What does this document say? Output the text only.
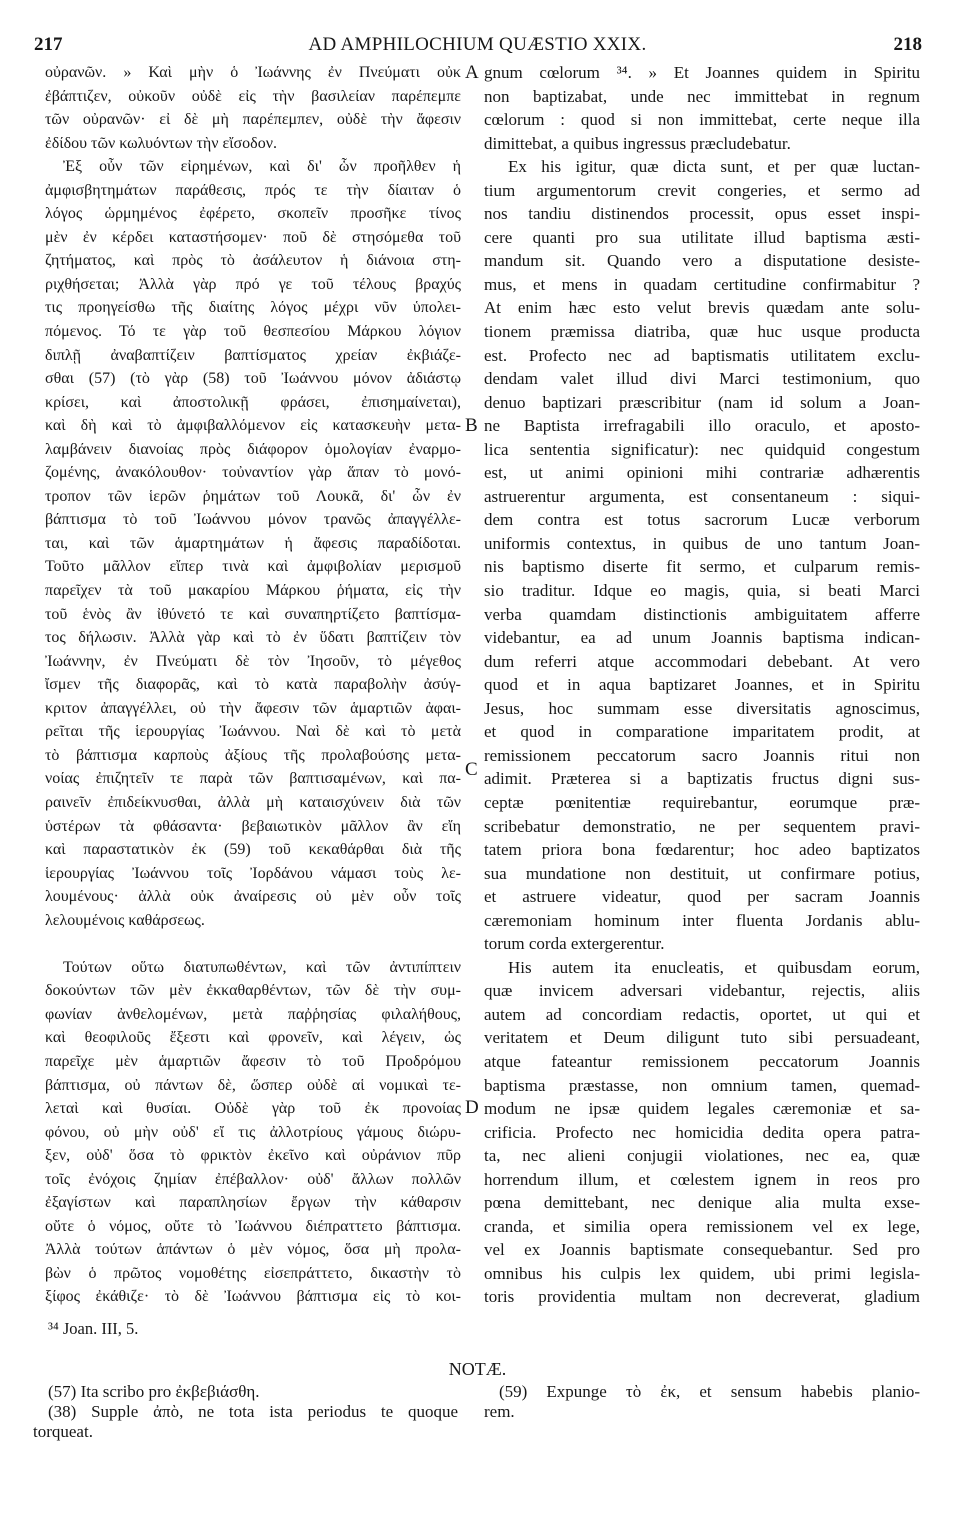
217	AD AMPHILOCHIUM QUÆSTIO XXIX.	218
οὐρανῶν. » Καὶ μὴν ὁ Ἰωάννης ἐν Πνεύματι οὐκ
ἐβάπτιζεν, οὐκοῦν οὐδὲ εἰς τὴν βασιλείαν παρέπεμπε
τῶν οὐρανῶν· εἰ δὲ μὴ παρέπεμπεν, οὐδὲ τὴν ἄφεσιν
ἐδίδου τῶν κωλυόντων τὴν εἴσοδον.
Ἐξ οὖν τῶν εἰρημένων, καὶ δι' ὧν προῆλθεν ἡ
ἀμφισβητημάτων παράθεσις, πρός τε τὴν δίαιταν ὁ
λόγος ὡρμημένος ἐφέρετο, σκοπεῖν προσῆκε τίνος
μὲν ἐν κέρδει καταστήσομεν· ποῦ δὲ στησόμεθα τοῦ
ζητήματος, καὶ πρὸς τὸ ἀσάλευτον ἡ διάνοια στη-
ριχθήσεται; Ἀλλὰ γὰρ πρό γε τοῦ τέλους βραχύς
τις προηγείσθω τῆς διαίτης λόγος μέχρι νῦν ὑπολει-
πόμενος. Τό τε γὰρ τοῦ θεσπεσίου Μάρκου λόγιον
διπλῇ ἀναβαπτίζειν βαπτίσματος χρείαν ἐκβιάζε-
σθαι (57) (τὸ γὰρ (58) τοῦ Ἰωάννου μόνον ἀδιάστῳ
κρίσει, καὶ ἀποστολικῇ φράσει, ἐπισημαίνεται),
καὶ δὴ καὶ τὸ ἀμφιβαλλόμενον εἰς κατασκευὴν μετα-
λαμβάνειν διανοίας πρὸς διάφορον ὁμολογίαν ἐναρμο-
ζομένης, ἀνακόλουθον· τοὐναντίον γὰρ ἅπαν τὸ μονό-
τροπον τῶν ἱερῶν ῥημάτων τοῦ Λουκᾶ, δι' ὧν ἐν
βάπτισμα τὸ τοῦ Ἰωάννου μόνον τρανῶς ἀπαγγέλλε-
ται, καὶ τῶν ἁμαρτημάτων ἡ ἄφεσις παραδίδοται.
Τοῦτο μᾶλλον εἴπερ τινὰ καὶ ἀμφιβολίαν μερισμοῦ
παρεῖχεν τὰ τοῦ μακαρίου Μάρκου ῥήματα, εἰς τὴν
τοῦ ἑνὸς ἂν ἰθύνετό τε καὶ συναπηρτίζετο βαπτίσμα-
τος δήλωσιν. Ἀλλὰ γὰρ καὶ τὸ ἐν ὕδατι βαπτίζειν τὸν
Ἰωάννην, ἐν Πνεύματι δὲ τὸν Ἰησοῦν, τὸ μέγεθος
ἴσμεν τῆς διαφορᾶς, καὶ τὸ κατὰ παραβολὴν ἀσύγ-
κριτον ἀπαγγέλλει, οὐ τὴν ἄφεσιν τῶν ἁμαρτιῶν ἀφαι-
ρεῖται τῆς ἱερουργίας Ἰωάννου. Ναὶ δὲ καὶ τὸ μετὰ
τὸ βάπτισμα καρποὺς ἀξίους τῆς προλαβούσης μετα-
νοίας ἐπιζητεῖν τε παρὰ τῶν βαπτισαμένων, καὶ πα-
ραινεῖν ἐπιδείκνυσθαι, ἀλλὰ μὴ καταισχύνειν διὰ τῶν
ὑστέρων τὰ φθάσαντα· βεβαιωτικὸν μᾶλλον ἂν εἴη
καὶ παραστατικὸν ἐκ (59) τοῦ κεκαθάρθαι διὰ τῆς
ἱερουργίας Ἰωάννου τοῖς Ἰορδάνου νάμασι τοὺς λε-
λουμένους· ἀλλὰ οὐκ ἀναίρεσις οὐ μὲν οὖν τοῖς
λελουμένοις καθάρσεως.
Τούτων οὕτω διατυπωθέντων, καὶ τῶν ἀντιπίπτειν
δοκούντων τῶν μὲν ἐκκαθαρθέντων, τῶν δὲ τὴν συμ-
φωνίαν ἀνθελομένων, μετὰ παῤῥησίας φιλαλήθους,
καὶ θεοφιλοῦς ἔξεστι καὶ φρονεῖν, καὶ λέγειν, ὡς
παρεῖχε μὲν ἁμαρτιῶν ἄφεσιν τὸ τοῦ Προδρόμου
βάπτισμα, οὐ πάντων δὲ, ὥσπερ οὐδὲ αἱ νομικαὶ τε-
λεταὶ καὶ θυσίαι. Οὐδὲ γὰρ τοῦ ἐκ προνοίας
φόνου, οὐ μὴν οὐδ' εἴ τις ἀλλοτρίους γάμους διώρυ-
ξεν, οὐδ' ὅσα τὸ φρικτὸν ἐκεῖνο καὶ οὐράνιον πῦρ
τοῖς ἐνόχοις ζημίαν ἐπέβαλλον· οὐδ' ἄλλων πολλῶν
ἐξαγίστων καὶ παραπλησίων ἔργων τὴν κάθαρσιν
οὔτε ὁ νόμος, οὔτε τὸ Ἰωάννου διέπραττετο βάπτισμα.
Ἀλλὰ τούτων ἁπάντων ὁ μὲν νόμος, ὅσα μὴ προλα-
βὼν ὁ πρῶτος νομοθέτης εἰσεπράττετο, δικαστὴν τὸ
ξίφος ἐκάθιζε· τὸ δὲ Ἰωάννου βάπτισμα εἰς τὸ κοι-
gnum cœlorum ³⁴. » Et Joannes quidem in Spiritu
non baptizabat, unde nec immittebat in regnum
cœlorum : quod si non immittebat, certe neque illa
dimittebat, a quibus ingressus præcludebatur.
Ex his igitur, quæ dicta sunt, et per quæ luctan-
tium argumentorum crevit congeries, et sermo ad
nos tandiu distinendos processit, opus esset inspi-
cere quanti pro sua utilitate illud baptisma æsti-
mandum sit. Quando vero a disputatione desiste-
mus, et mens in quadam certitudine confirmabitur ?
At enim hæc esto velut brevis quædam ante solu-
tionem præmissa diatriba, quæ huc usque producta
est. Profecto nec ad baptismatis utilitatem exclu-
dendam valet illud divi Marci testimonium, quo
denuo baptizari præscribitur (nam id solum a Joan-
ne Baptista irrefragabili illo oraculo, et aposto-
lica sententia significatur): nec quidquid congestum
est, ut animi opinioni mihi contrariæ adhærentis
astruerentur argumenta, est consentaneum : siqui-
dem contra est totus sacrorum Lucæ verborum
uniformis contextus, in quibus de uno tantum Joan-
nis baptismo diserte fit sermo, et culparum remis-
sio traditur. Idque eo magis, quia, si beati Marci
verba quamdam distinctionis ambiguitatem afferre
videbantur, ea ad unum Joannis baptisma indican-
dum referri atque accommodari debebant. At vero
quod et in aqua baptizaret Joannes, et in Spiritu
Jesus, hoc summam esse diversitatis agnoscimus,
et quod in comparatione imparitatem prodit, at
remissionem peccatorum sacro Joannis ritui non
adimit. Præterea si a baptizatis fructus digni sus-
ceptæ pœnitentiæ requirebantur, eorumque præ-
scribebatur demonstratio, ne per sequentem pravi-
tatem priora bona fœdarentur; hoc adeo baptizatos
sua mundatione non destituit, ut confirmare potius,
et astruere videatur, quod per sacram Joannis
cæremoniam hominum inter fluenta Jordanis ablu-
torum corda extergerentur.
His autem ita enucleatis, et quibusdam eorum,
quæ invicem adversari videbantur, rejectis, aliis
autem ad concordiam redactis, oportet, ut qui et
veritatem et Deum diligunt tuto sibi persuadeant,
atque fateantur remissionem peccatorum Joannis
baptisma præstasse, non omnium tamen, quemad-
modum ne ipsæ quidem legales cæremoniæ et sa-
crificia. Profecto nec homicidia dedita opera patra-
ta, nec alieni conjugii violationes, nec ea, quæ
horrendum illum, et cœlestem ignem in reos pro
pœna demittebant, nec denique alia multa exse-
cranda, et similia opera remissionem vel ex lege,
vel ex Joannis baptismate consequebantur. Sed pro
omnibus his culpis lex quidem, ubi primi legisla-
toris providentia multam non decreverat, gladium
A
B
C
D
³⁴ Joan. III, 5.
NOTÆ.
(57) Ita scribo pro ἐκβεβιάσθη.
(38) Supple ἀπὸ, ne tota ista periodus te quoque
torqueat.
(59) Expunge τὸ ἐκ, et sensum habebis planio-
rem.
